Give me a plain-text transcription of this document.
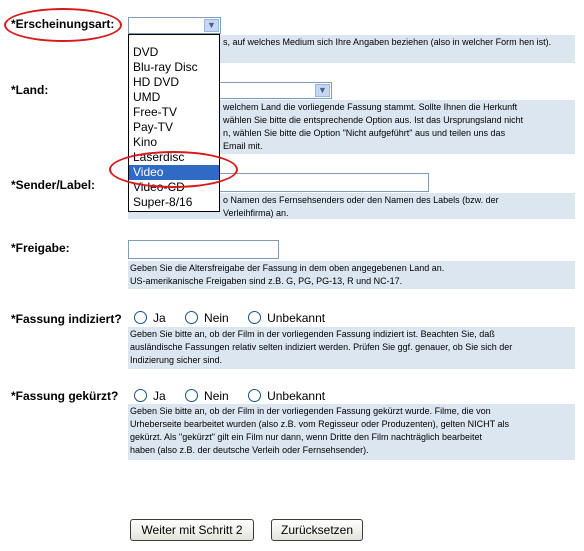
*Erscheinungsart:	▼
s, auf welches Medium sich Ihre Angaben beziehen (also in welcher Form hen ist).
*Land:	▼
welchem Land die vorliegende Fassung stammt. Sollte Ihnen die Herkunft
wählen Sie bitte die entsprechende Option aus. Ist das Ursprungsland nicht
n, wählen Sie bitte die Option "Nicht aufgeführt" aus und teilen uns das
Email mit.
*Sender/Label:
o Namen des Fernsehsenders oder den Namen des Labels (bzw. der
Verleihfirma) an.
*Freigabe:
Geben Sie die Altersfreigabe der Fassung in dem oben angegebenen Land an.
US-amerikanische Freigaben sind z.B. G, PG, PG-13, R und NC-17.
*Fassung indiziert?	Ja	Nein	Unbekannt
Geben Sie bitte an, ob der Film in der vorliegenden Fassung indiziert ist. Beachten Sie, daß
ausländische Fassungen relativ selten indiziert werden. Prüfen Sie ggf. genauer, ob Sie sich der
Indizierung sicher sind.
*Fassung gekürzt?	Ja	Nein	Unbekannt
Geben Sie bitte an, ob der Film in der vorliegenden Fassung gekürzt wurde. Filme, die von
Urheberseite bearbeitet wurden (also z.B. vom Regisseur oder Produzenten), gelten NICHT als
gekürzt. Als "gekürzt" gilt ein Film nur dann, wenn Dritte den Film nachträglich bearbeitet
haben (also z.B. der deutsche Verleih oder Fernsehsender).
Weiter mit Schritt 2	Zurücksetzen
DVD
Blu-ray Disc
HD DVD
UMD
Free-TV
Pay-TV
Kino
Laserdisc
Video
Video-CD
Super-8/16
